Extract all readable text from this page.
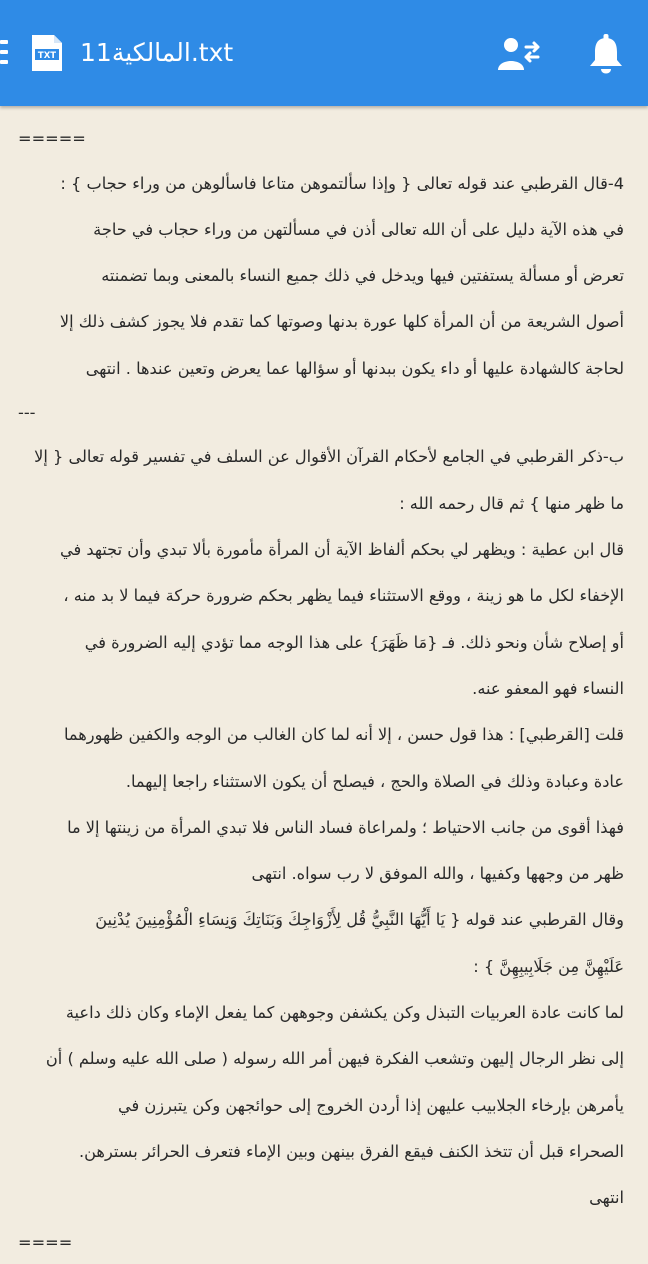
TXT المالكية11.txt
=====
4-قال القرطبي عند قوله تعالى { وإذا سألتموهن متاعا فاسألوهن من وراء حجاب } :
في هذه الآية دليل على أن الله تعالى أذن في مسألتهن من وراء حجاب في حاجة
تعرض أو مسألة يستفتين فيها ويدخل في ذلك جميع النساء بالمعنى وبما تضمنته
أصول الشريعة من أن المرأة كلها عورة بدنها وصوتها كما تقدم فلا يجوز كشف ذلك إلا
لحاجة كالشهادة عليها أو داء يكون ببدنها أو سؤالها عما يعرض وتعين عندها . انتهى
---
ب-ذكر القرطبي في الجامع لأحكام القرآن الأقوال عن السلف في تفسير قوله تعالى { إلا
ما ظهر منها } ثم قال رحمه الله :
قال ابن عطية : ويظهر لي بحكم ألفاظ الآية أن المرأة مأمورة بألا تبدي وأن تجتهد في
الإخفاء لكل ما هو زينة ، ووقع الاستثناء فيما يظهر بحكم ضرورة حركة فيما لا بد منه ،
أو إصلاح شأن ونحو ذلك. فـ {مَا ظَهَرَ} على هذا الوجه مما تؤدي إليه الضرورة في
النساء فهو المعفو عنه.
قلت [القرطبي] : هذا قول حسن ، إلا أنه لما كان الغالب من الوجه والكفين ظهورهما
عادة وعبادة وذلك في الصلاة والحج ، فيصلح أن يكون الاستثناء راجعا إليهما.
فهذا أقوى من جانب الاحتياط ؛ ولمراعاة فساد الناس فلا تبدي المرأة من زينتها إلا ما
ظهر من وجهها وكفيها ، والله الموفق لا رب سواه. انتهى
وقال القرطبي عند قوله { يَا أَيُّهَا النَّبِيُّ قُل لِأَزْوَاجِكَ وَبَنَاتِكَ وَنِسَاءِ الْمُؤْمِنِينَ يُدْنِينَ
عَلَيْهِنَّ مِن جَلَابِيبِهِنَّ } :
لما كانت عادة العربيات التبذل وكن يكشفن وجوههن كما يفعل الإماء وكان ذلك داعية
إلى نظر الرجال إليهن وتشعب الفكرة فيهن أمر الله رسوله ( صلى الله عليه وسلم ) أن
يأمرهن بإرخاء الجلابيب عليهن إذا أردن الخروج إلى حوائجهن وكن يتبرزن في
الصحراء قبل أن تتخذ الكنف فيقع الفرق بينهن وبين الإماء فتعرف الحرائر بسترهن.
انتهى
====
